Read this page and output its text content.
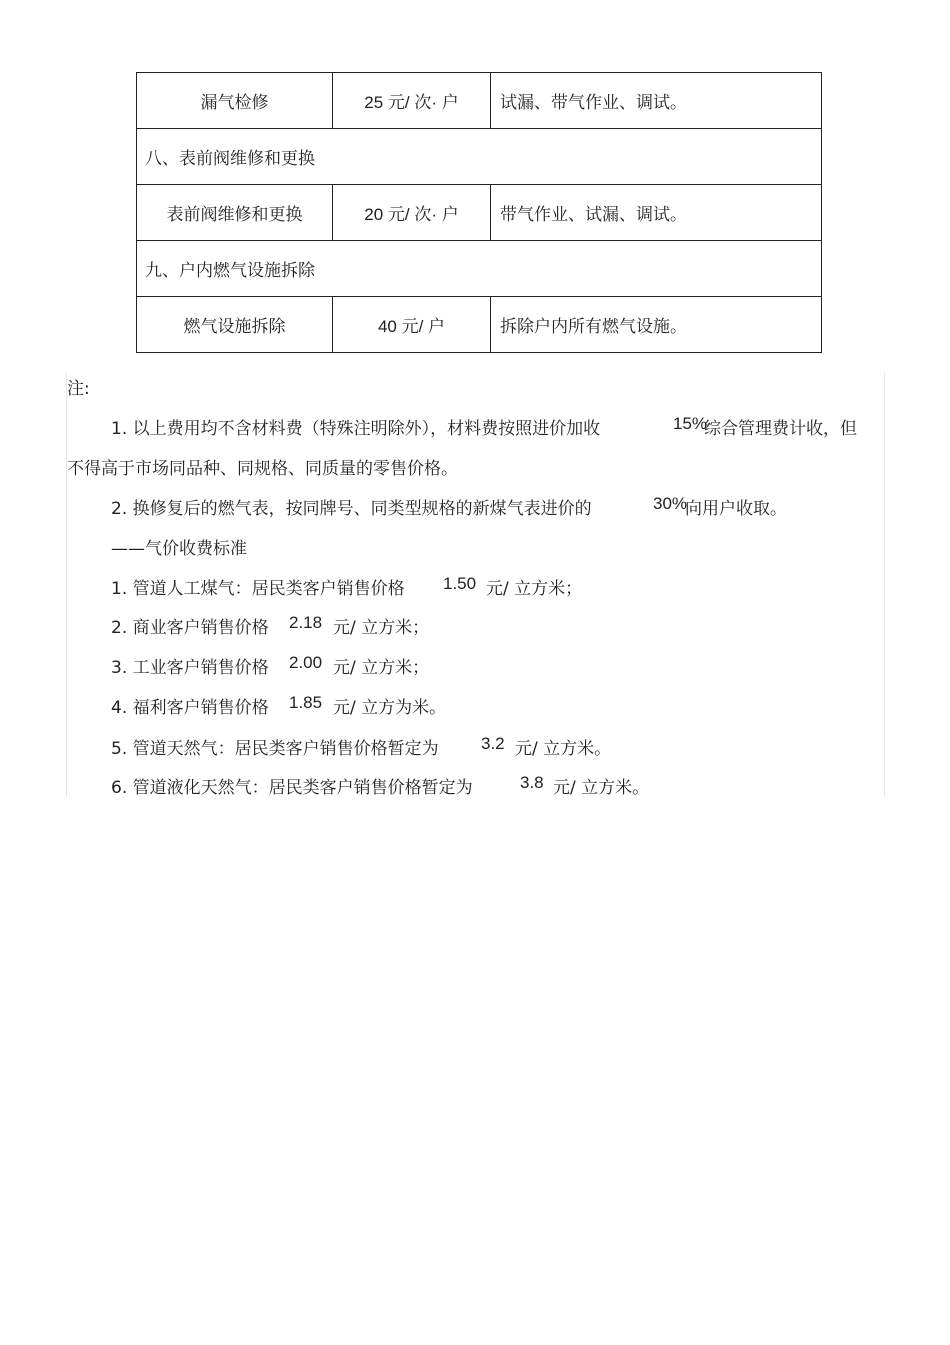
漏气检修	25 元/ 次· 户	试漏、带气作业、调试。
八、表前阀维修和更换		
表前阀维修和更换	20 元/ 次· 户	带气作业、试漏、调试。
九、户内燃气设施拆除		
燃气设施拆除	40 元/ 户	拆除户内所有燃气设施。
注:
1. 以上费用均不含材料费（特殊注明除外），材料费按照进价加收	15%
综合管理费计收，但
不得高于市场同品种、同规格、同质量的零售价格。
2. 换修复后的燃气表，按同牌号、同类型规格的新煤气表进价的	30%
向用户收取。
——气价收费标准
1. 管道人工煤气：居民类客户销售价格 1.50 元/ 立方米；
2. 商业客户销售价格 2.18 元/ 立方米；
3. 工业客户销售价格 2.00 元/ 立方米；
4. 福利客户销售价格 1.85 元/ 立方为米。
5. 管道天然气：居民类客户销售价格暂定为 3.2 元/ 立方米。
6. 管道液化天然气：居民类客户销售价格暂定为	3.8 元/ 立方米。
